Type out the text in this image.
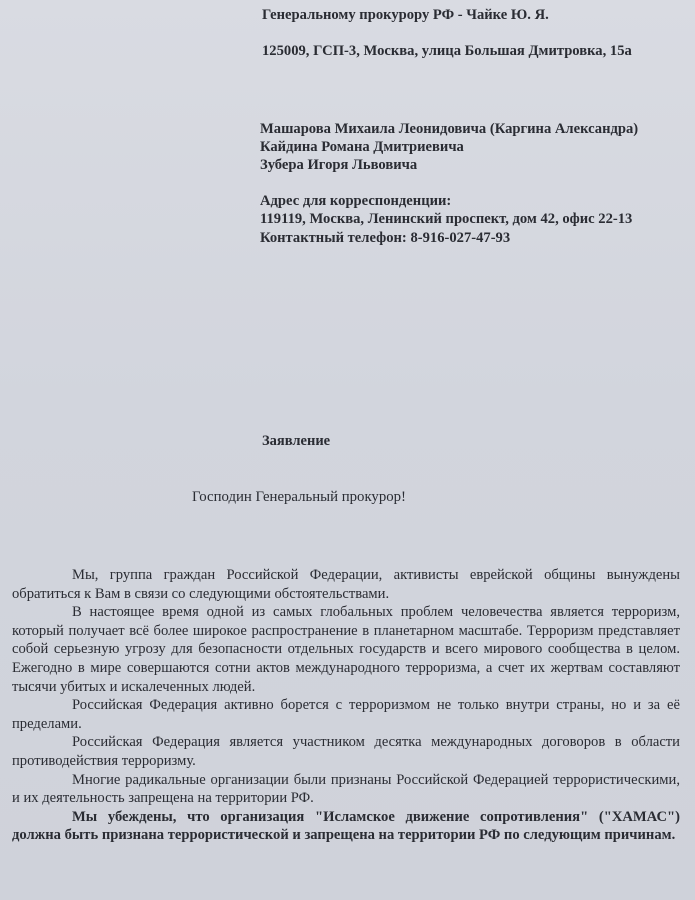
Генеральному прокурору РФ - Чайке Ю. Я.
125009, ГСП-3, Москва, улица Большая Дмитровка, 15а
Машарова Михаила Леонидовича (Каргина Александра)
Кайдина Романа Дмитриевича
Зубера Игоря Львовича
Адрес для корреспонденции:
119119, Москва, Ленинский проспект, дом 42, офис 22-13
Контактный телефон: 8-916-027-47-93
Заявление
Господин Генеральный прокурор!

Мы, группа граждан Российской Федерации, активисты еврейской общины вынуждены обратиться к Вам в связи со следующими обстоятельствами.

В настоящее время одной из самых глобальных проблем человечества является терроризм, который получает всё более широкое распространение в планетарном масштабе. Терроризм представляет собой серьезную угрозу для безопасности отдельных государств и всего мирового сообщества в целом. Ежегодно в мире совершаются сотни актов международного терроризма, а счет их жертвам составляют тысячи убитых и искалеченных людей.

Российская Федерация активно борется с терроризмом не только внутри страны, но и за её пределами.

Российская Федерация является участником десятка международных договоров в области противодействия терроризму.

Многие радикальные организации были признаны Российской Федерацией террористическими, и их деятельность запрещена на территории РФ.

Мы убеждены, что организация "Исламское движение сопротивления" ("ХАМАС") должна быть признана террористической и запрещена на территории РФ по следующим причинам.
